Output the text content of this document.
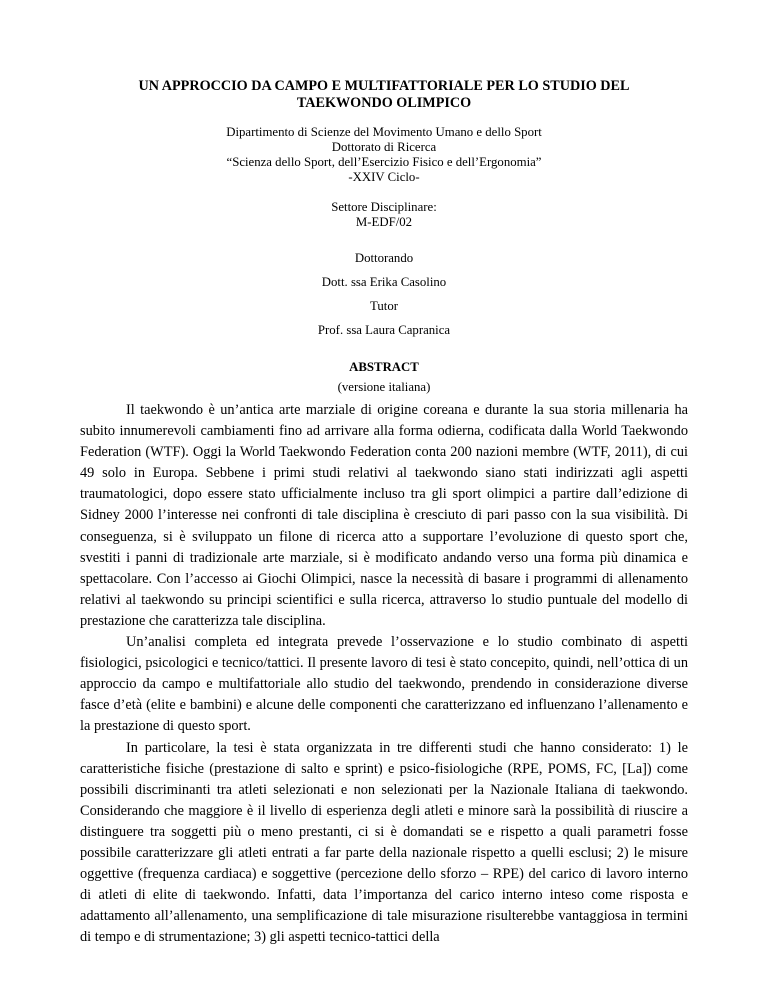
UN APPROCCIO DA CAMPO E MULTIFATTORIALE PER LO STUDIO DEL
TAEKWONDO OLIMPICO
Dipartimento di Scienze del Movimento Umano e dello Sport
Dottorato di Ricerca
“Scienza dello Sport, dell’Esercizio Fisico e dell’Ergonomia”
-XXIV Ciclo-
Settore Disciplinare:
M-EDF/02
Dottorando
Dott. ssa Erika Casolino
Tutor
Prof. ssa Laura Capranica
ABSTRACT
(versione italiana)

Il taekwondo è un’antica arte marziale di origine coreana e durante la sua storia millenaria ha subito innumerevoli cambiamenti fino ad arrivare alla forma odierna, codificata dalla World Taekwondo Federation (WTF). Oggi la World Taekwondo Federation conta 200 nazioni membre (WTF, 2011), di cui 49 solo in Europa. Sebbene i primi studi relativi al taekwondo siano stati indirizzati agli aspetti traumatologici, dopo essere stato ufficialmente incluso tra gli sport olimpici a partire dall’edizione di Sidney 2000 l’interesse nei confronti di tale disciplina è cresciuto di pari passo con la sua visibilità. Di conseguenza, si è sviluppato un filone di ricerca atto a supportare l’evoluzione di questo sport che, svestiti i panni di tradizionale arte marziale, si è modificato andando verso una forma più dinamica e spettacolare. Con l’accesso ai Giochi Olimpici, nasce la necessità di basare i programmi di allenamento relativi al taekwondo su principi scientifici e sulla ricerca, attraverso lo studio puntuale del modello di prestazione che caratterizza tale disciplina.

Un’analisi completa ed integrata prevede l’osservazione e lo studio combinato di aspetti fisiologici, psicologici e tecnico/tattici. Il presente lavoro di tesi è stato concepito, quindi, nell’ottica di un approccio da campo e multifattoriale allo studio del taekwondo, prendendo in considerazione diverse fasce d’età (elite e bambini) e alcune delle componenti che caratterizzano ed influenzano l’allenamento e la prestazione di questo sport.

In particolare, la tesi è stata organizzata in tre differenti studi che hanno considerato: 1) le caratteristiche fisiche (prestazione di salto e sprint) e psico-fisiologiche (RPE, POMS, FC, [La]) come possibili discriminanti tra atleti selezionati e non selezionati per la Nazionale Italiana di taekwondo. Considerando che maggiore è il livello di esperienza degli atleti e minore sarà la possibilità di riuscire a distinguere tra soggetti più o meno prestanti, ci si è domandati se e rispetto a quali parametri fosse possibile caratterizzare gli atleti entrati a far parte della nazionale rispetto a quelli esclusi; 2) le misure oggettive (frequenza cardiaca) e soggettive (percezione dello sforzo – RPE) del carico di lavoro interno di atleti di elite di taekwondo. Infatti, data l’importanza del carico interno inteso come risposta e adattamento all’allenamento, una semplificazione di tale misurazione risulterebbe vantaggiosa in termini di tempo e di strumentazione; 3) gli aspetti tecnico-tattici della
